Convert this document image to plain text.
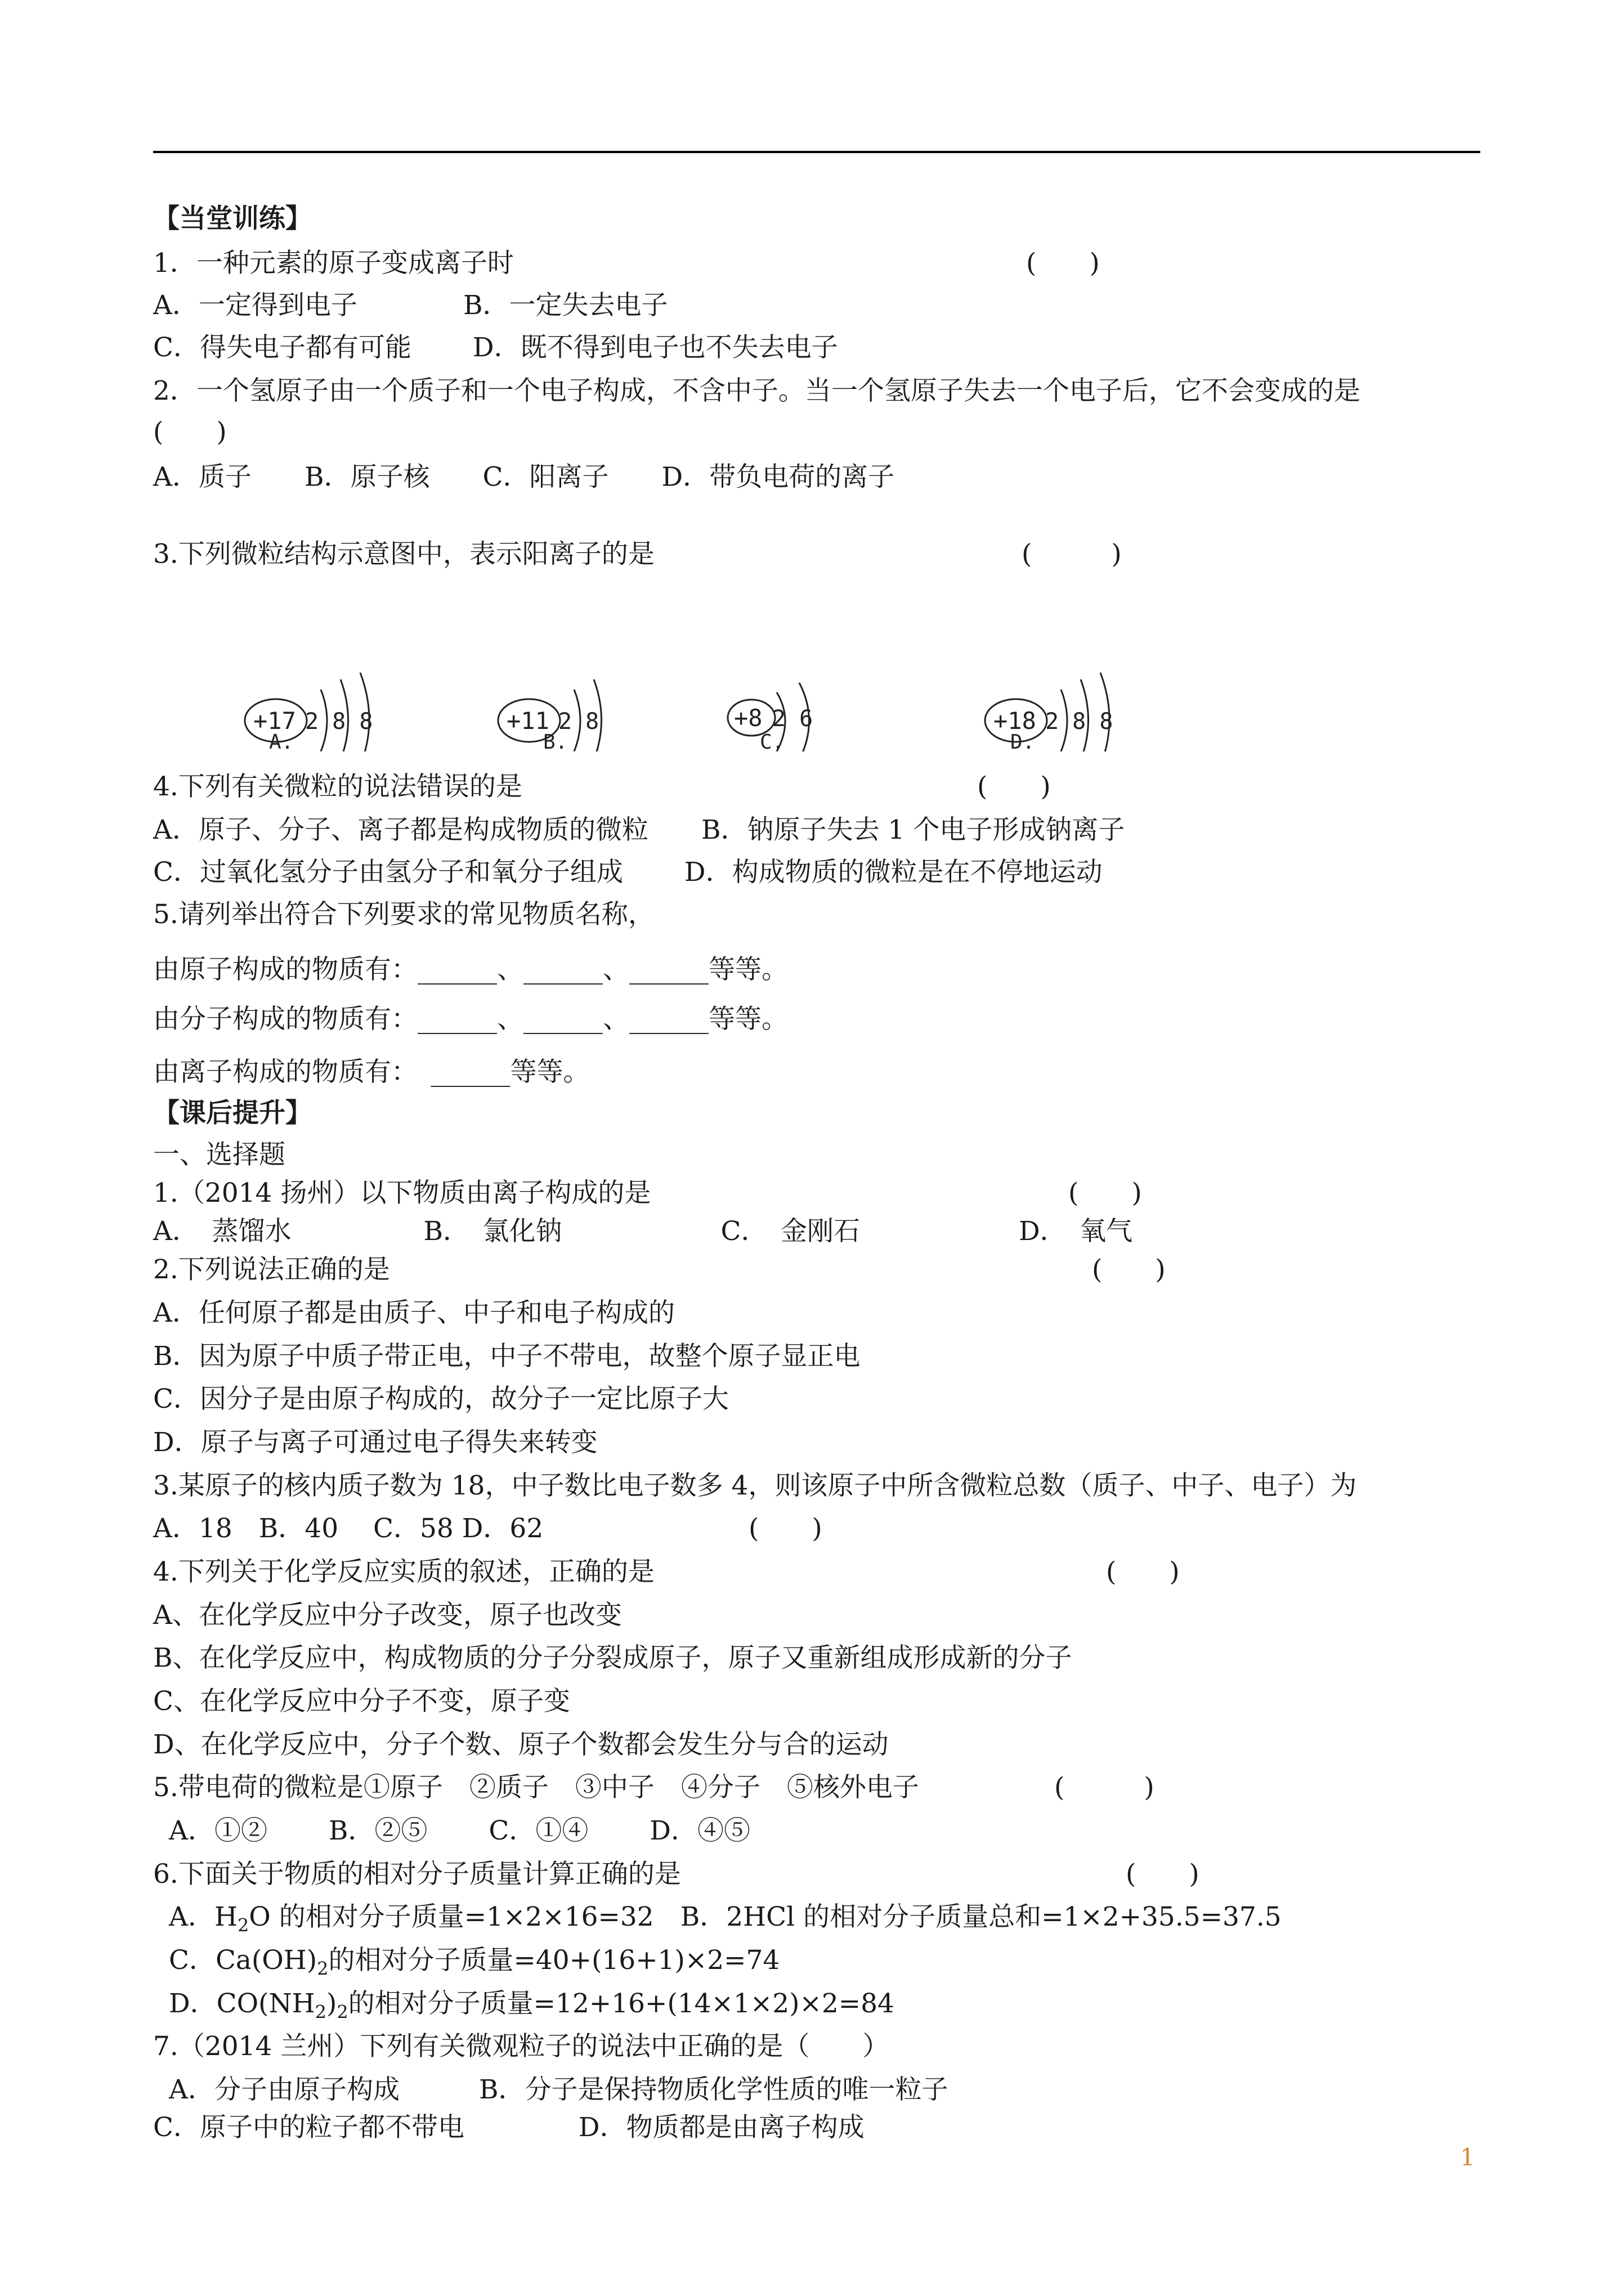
【当堂训练】
1．一种元素的原子变成离子时	(　　)
A．一定得到电子　　　　B．一定失去电子
C．得失电子都有可能　　 D．既不得到电子也不失去电子
2．一个氢原子由一个质子和一个电子构成，不含中子。当一个氢原子失去一个电子后，它不会变成的是
(　　)
A．质子　　B．原子核　　C．阳离子　　D．带负电荷的离子
3.下列微粒结构示意图中，表示阳离子的是	(　　　)
+17 2 8 8
A.
+11 2 8
B.
+8 2 6
C.
+18 2 8 8
D.
4.下列有关微粒的说法错误的是	(　　)
A．原子、分子、离子都是构成物质的微粒　　B．钠原子失去 1 个电子形成钠离子
C．过氧化氢分子由氢分子和氧分子组成　　 D．构成物质的微粒是在不停地运动
5.请列举出符合下列要求的常见物质名称，
由原子构成的物质有：______、______、______等等。
由分子构成的物质有：______、______、______等等。
由离子构成的物质有：　______等等。
【课后提升】
一、选择题
1.（2014 扬州）以下物质由离子构成的是	(　　)
A．　蒸馏水　　　　　B．　氯化钠　　　　　　C．　金刚石　　　　　　D．　氧气
2.下列说法正确的是	(　　)
A．任何原子都是由质子、中子和电子构成的
B．因为原子中质子带正电，中子不带电，故整个原子显正电
C．因分子是由原子构成的，故分子一定比原子大
D．原子与离子可通过电子得失来转变
3.某原子的核内质子数为 18，中子数比电子数多 4，则该原子中所含微粒总数（质子、中子、电子）为
A．18　B．40　 C．58 D．62	(　　)
4.下列关于化学反应实质的叙述，正确的是	(　　)
A、在化学反应中分子改变，原子也改变
B、在化学反应中，构成物质的分子分裂成原子，原子又重新组成形成新的分子
C、在化学反应中分子不变，原子变
D、在化学反应中，分子个数、原子个数都会发生分与合的运动
5.带电荷的微粒是①原子　②质子　③中子　④分子　⑤核外电子	(　　　)
A．①②　　 B．②⑤　　 C．①④　　 D．④⑤
6.下面关于物质的相对分子质量计算正确的是	(　　)
A．$H_2O$ 的相对分子质量=1×2×16=32　B．2HCl 的相对分子质量总和=1×2+35.5=37.5
C．$Ca(OH)_2$的相对分子质量=40+(16+1)×2=74
D．$CO(NH_2)_2$的相对分子质量=12+16+(14×1×2)×2=84
7.（2014 兰州）下列有关微观粒子的说法中正确的是（　　）
A．分子由原子构成　　　B．分子是保持物质化学性质的唯一粒子
C．原子中的粒子都不带电　　　　 D．物质都是由离子构成
1
